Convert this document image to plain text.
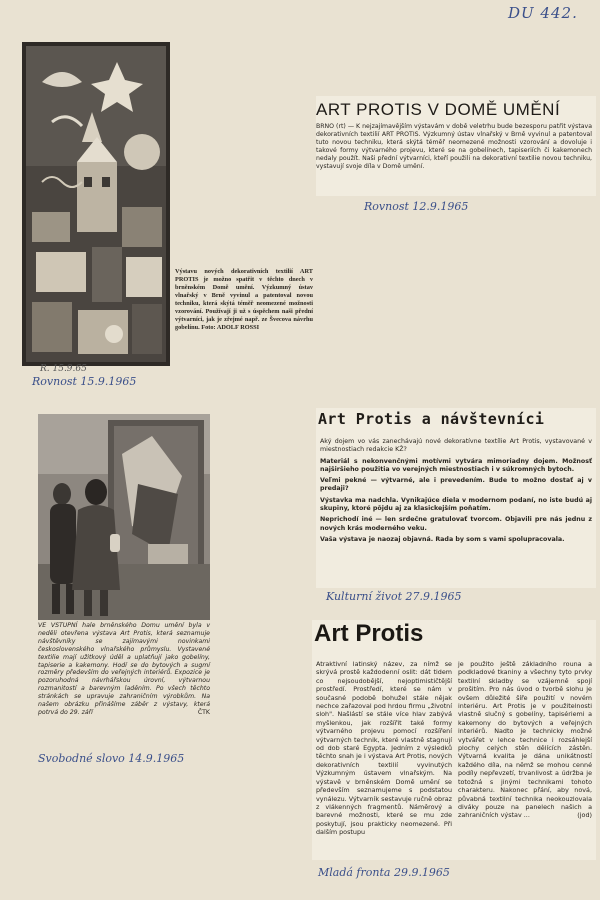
DU 442.
Výstavu nových dekorativních textilií ART PROTIS je možno spatřit v těchto dnech v brněnském Domě umění. Výzkumný ústav vlnařský v Brně vyvinul a patentoval novou techniku, která skýtá téměř neomezené možnosti vzorování. Používají ji už s úspěchem naši přední výtvarníci, jak je zřejmé např. ze Švecova návrhu gobelínu. Foto: ADOLF ROSSI
R. 15.9.65
Rovnost 15.9.1965
ART PROTIS V DOMĚ UMĚNÍ
BRNO (rt) — K nejzajímavějším výstavám v době veletrhu bude bezesporu patřit výstava dekorativních textilií ART PROTIS. Výzkumný ústav vlnařský v Brně vyvinul a patentoval tuto novou techniku, která skýtá téměř neomezené možnosti vzorování a dovoluje i takové formy výtvarného projevu, které se na gobelínech, tapiseriích či kakemonech nedaly použít. Naši přední výtvarníci, kteří použili na dekorativní textilie novou techniku, vystavují svoje díla v Domě umění.
Rovnost 12.9.1965
Art Protis a návštevníci

Aký dojem vo vás zanechávajú nové dekoratívne textílie Art Protis, vystavované v miestnostiach redakcie KŽ?

Materiál s nekonvenčnými motívmi vytvára mimoriadny dojem. Možnosť najširšieho použitia vo verejných miestnostiach i v súkromných bytoch.

Veľmi pekné — výtvarné, ale i prevedením. Bude to možno dostať aj v predaji?

Výstavka ma nadchla. Vynikajúce diela v modernom podaní, no iste budú aj skupiny, ktoré pôjdu aj za klasickejším poňatím.

Neprichodí iné — len srdečne gratulovať tvorcom. Objavili pre nás jednu z nových krás moderného veku.

Vaša výstava je naozaj objavná. Rada by som s vami spolupracovala.

Kulturní život 27.9.1965
VE VSTUPNÍ hale brněnského Domu umění byla v neděli otevřena výstava Art Protis, která seznamuje návštěvníky se zajímavými novinkami československého vlnařského průmyslu. Vystavené textilie mají užitkový úděl a uplatňují jako gobelíny, tapiserie a kakemony. Hodí se do bytových a sugmí rozměry především do veřejných interiérů. Expozice je pozoruhodná návrhářskou úrovní, výtvarnou rozmanitostí a barevným laděním. Po všech těchto stránkách se upravuje zahraničním výrobkům. Na našem obrázku přinášíme záběr z výstavy, která potrvá do 29. září	ČTK
Svobodné slovo 14.9.1965
Art Protis
Atraktivní latinský název, za nímž se skrývá prostě každodenní oslit: dát tidem co nejsoudobější, nejoptimističtější prostředí. Prostředí, které se nám v současné podobě bohužel stále nějak nechce zařazoval pod hrdou firmu „životní sloh". Našlástí se stále více hlav zabývá myšlenkou, jak rozšířit také formy výtvarného projevu pomocí rozšíření výtvarných technik, které vlastně stagnují od dob staré Egypta. Jedním z výsledků těchto snah je i výstava Art Protis, nových dekorativních textilií vyvinutých Výzkumným ústavem vlnařským. Na výstavě v brněnském Domě umění se především seznamujeme s podstatou vynálezu. Výtvarník sestavuje ručně obraz z vlákenných fragmentů. Náměrový a barevné možnosti, které se mu zde poskytují, jsou prakticky neomezené. Při dalším postupu
je použito ještě základního rouna a podkladové tkaniny a všechny tyto prvky textilní skladby se vzájemně spojí prošitím. Pro nás úvod o tvorbě slohu je ovšem důležité šíře použití v novém interiéru. Art Protis je v použitelnosti vlastně slučný s gobelíny, tapisériemi a kakemony do bytových a veřejných interiérů. Nadto je technicky možné vytvářet v lehce technice i rozsáhlejší plochy celých stěn dělících zástěn. Výtvarná kvalita je dána unikátností každého díla, na němž se mohou cenné podíly nepřevzetí, trvanlivost a údržba je totožná s jinými technikami tohoto charakteru. Nakonec přání, aby nová, půvabná textilní technika neokouzlovala diváky pouze na panelech našich a zahraničních výstav ...	(jod)
Mladá fronta 29.9.1965
